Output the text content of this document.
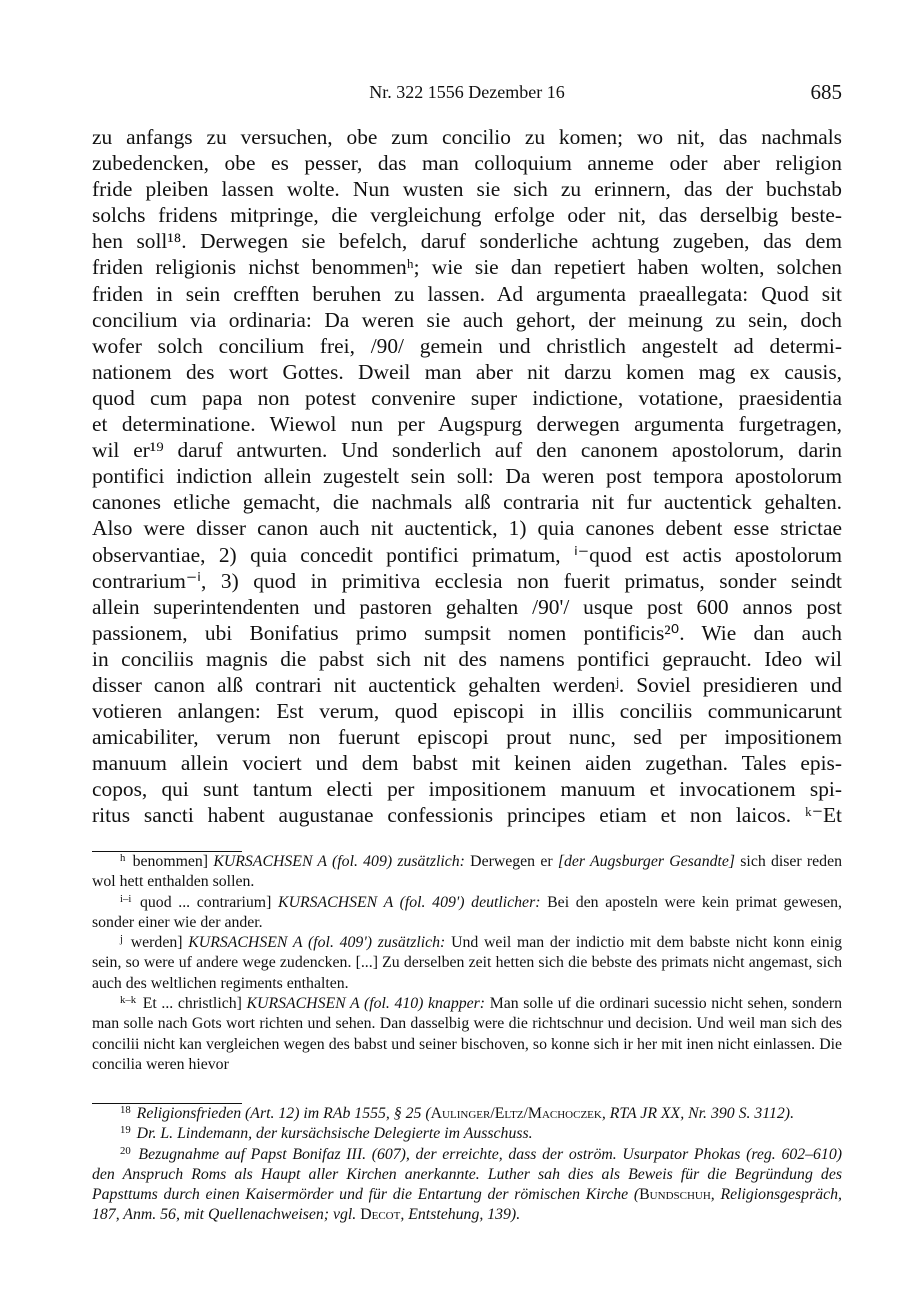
Nr. 322 1556 Dezember 16	685

zu anfangs zu versuchen, obe zum concilio zu komen; wo nit, das nachmals

zubedencken, obe es pesser, das man colloquium anneme oder aber religion

fride pleiben lassen wolte. Nun wusten sie sich zu erinnern, das der buchstab

solchs fridens mitpringe, die vergleichung erfolge oder nit, das derselbig beste-

hen soll¹⁸. Derwegen sie befelch, daruf sonderliche achtung zugeben, das dem

friden religionis nichst benommenʰ; wie sie dan repetiert haben wolten, solchen

friden in sein crefften beruhen zu lassen. Ad argumenta praeallegata: Quod sit

concilium via ordinaria: Da weren sie auch gehort, der meinung zu sein, doch

wofer solch concilium frei, /90/ gemein und christlich angestelt ad determi-

nationem des wort Gottes. Dweil man aber nit darzu komen mag ex causis,

quod cum papa non potest convenire super indictione, votatione, praesidentia

et determinatione. Wiewol nun per Augspurg derwegen argumenta furgetragen,

wil er¹⁹ daruf antwurten. Und sonderlich auf den canonem apostolorum, darin

pontifici indiction allein zugestelt sein soll: Da weren post tempora apostolorum

canones etliche gemacht, die nachmals alß contraria nit fur auctentick gehalten.

Also were disser canon auch nit auctentick, 1) quia canones debent esse strictae

observantiae, 2) quia concedit pontifici primatum, ⁱ⁻quod est actis apostolorum

contrarium⁻ⁱ, 3) quod in primitiva ecclesia non fuerit primatus, sonder seindt

allein superintendenten und pastoren gehalten /90'/ usque post 600 annos post

passionem, ubi Bonifatius primo sumpsit nomen pontificis²⁰. Wie dan auch

in conciliis magnis die pabst sich nit des namens pontifici gepraucht. Ideo wil

disser canon alß contrari nit auctentick gehalten werdenʲ. Soviel presidieren und

votieren anlangen: Est verum, quod episcopi in illis conciliis communicarunt

amicabiliter, verum non fuerunt episcopi prout nunc, sed per impositionem

manuum allein vociert und dem babst mit keinen aiden zugethan. Tales epis-

copos, qui sunt tantum electi per impositionem manuum et invocationem spi-

ritus sancti habent augustanae confessionis principes etiam et non laicos. ᵏ⁻Et

$^h$ benommen] KURSACHSEN A (fol. 409) zusätzlich: Derwegen er [der Augsburger Gesandte] sich diser reden wol hett enthalden sollen.

$^{i-i}$ quod ... contrarium] KURSACHSEN A (fol. 409') deutlicher: Bei den aposteln were kein primat gewesen, sonder einer wie der ander.

$^j$ werden] KURSACHSEN A (fol. 409') zusätzlich: Und weil man der indictio mit dem babste nicht konn einig sein, so were uf andere wege zudencken. [...] Zu derselben zeit hetten sich die bebste des primats nicht angemast, sich auch des weltlichen regiments enthalten.

$^{k-k}$ Et ... christlich] KURSACHSEN A (fol. 410) knapper: Man solle uf die ordinari sucessio nicht sehen, sondern man solle nach Gots wort richten und sehen. Dan dasselbig were die richtschnur und decision. Und weil man sich des concilii nicht kan vergleichen wegen des babst und seiner bischoven, so konne sich ir her mit inen nicht einlassen. Die concilia weren hievor

$^{18}$ Religionsfrieden (Art. 12) im RAb 1555, § 25 (Aulinger/Eltz/Machoczek, RTA JR XX, Nr. 390 S. 3112).

$^{19}$ Dr. L. Lindemann, der kursächsische Delegierte im Ausschuss.

$^{20}$ Bezugnahme auf Papst Bonifaz III. (607), der erreichte, dass der oström. Usurpator Phokas (reg. 602–610) den Anspruch Roms als Haupt aller Kirchen anerkannte. Luther sah dies als Beweis für die Begründung des Papsttums durch einen Kaisermörder und für die Entartung der römischen Kirche (Bundschuh, Religionsgespräch, 187, Anm. 56, mit Quellenachweisen; vgl. Decot, Entstehung, 139).
